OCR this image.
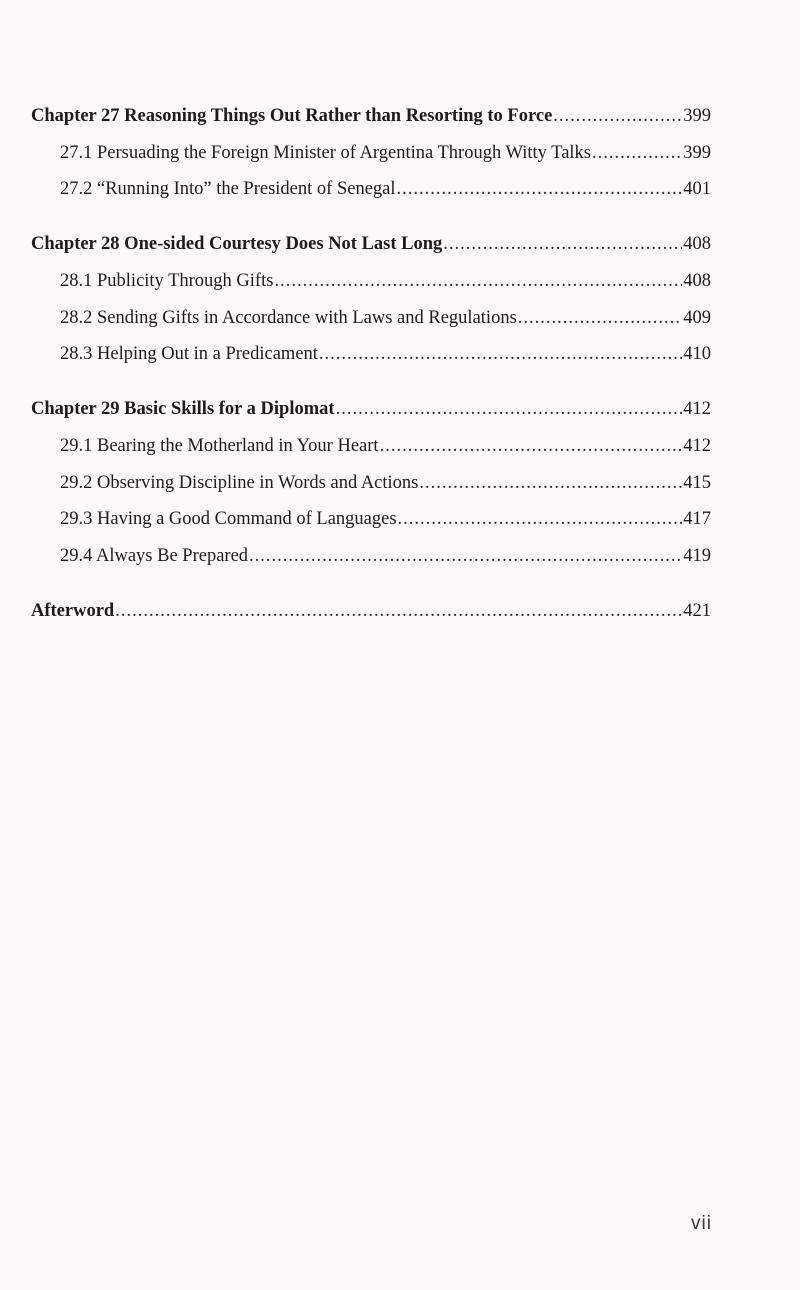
Chapter 27 Reasoning Things Out Rather than Resorting to Force .....	399
27.1 Persuading the Foreign Minister of Argentina Through Witty Talks .....	399
27.2 “Running Into” the President of Senegal .....	401
Chapter 28 One-sided Courtesy Does Not Last Long .....	408
28.1 Publicity Through Gifts .....	408
28.2 Sending Gifts in Accordance with Laws and Regulations .....	409
28.3 Helping Out in a Predicament .....	410
Chapter 29 Basic Skills for a Diplomat .....	412
29.1 Bearing the Motherland in Your Heart .....	412
29.2 Observing Discipline in Words and Actions .....	415
29.3 Having a Good Command of Languages .....	417
29.4 Always Be Prepared .....	419
Afterword .....	421
vii
